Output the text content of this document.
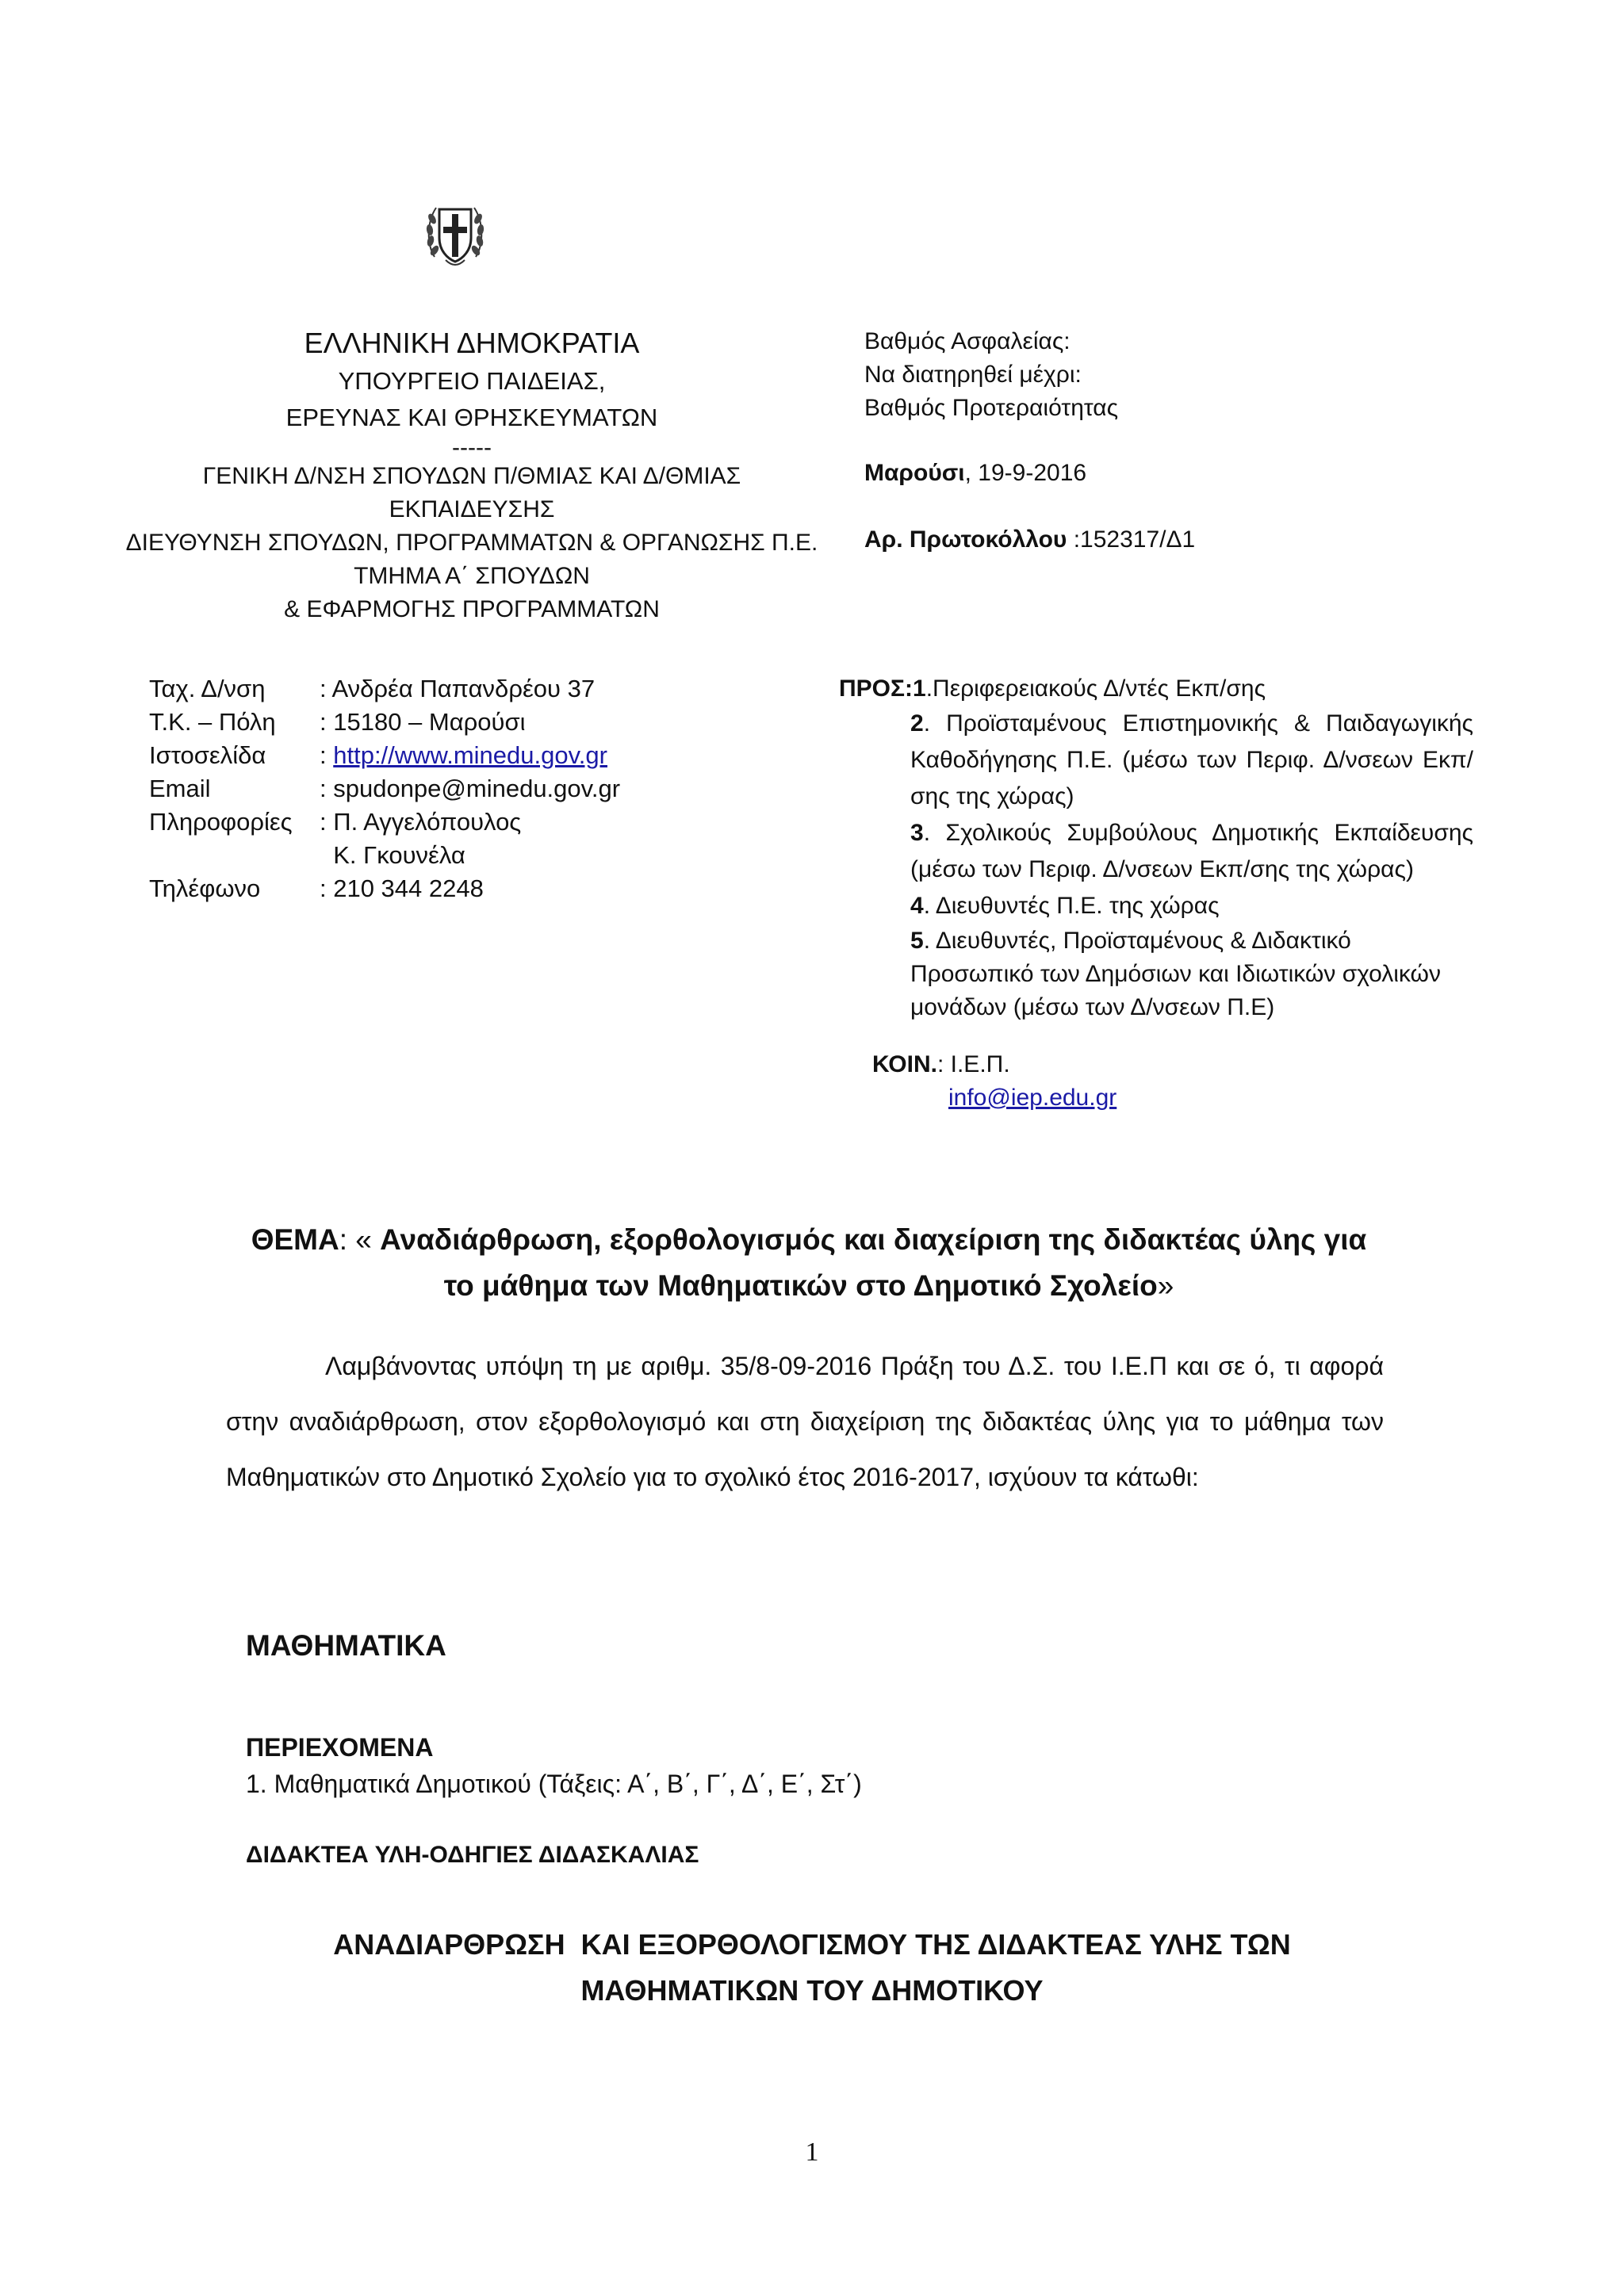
ΕΛΛΗΝΙΚΗ ΔΗΜΟΚΡΑΤΙΑ
ΥΠΟΥΡΓΕΙΟ ΠΑΙΔΕΙΑΣ,
ΕΡΕΥΝΑΣ ΚΑΙ ΘΡΗΣΚΕΥΜΑΤΩΝ
-----
ΓΕΝΙΚΗ Δ/ΝΣΗ ΣΠΟΥΔΩΝ Π/ΘΜΙΑΣ ΚΑΙ Δ/ΘΜΙΑΣ
ΕΚΠΑΙΔΕΥΣΗΣ
ΔΙΕΥΘΥΝΣΗ ΣΠΟΥΔΩΝ, ΠΡΟΓΡΑΜΜΑΤΩΝ & ΟΡΓΑΝΩΣΗΣ Π.Ε.
ΤΜΗΜΑ Α΄ ΣΠΟΥΔΩΝ
& ΕΦΑΡΜΟΓΗΣ ΠΡΟΓΡΑΜΜΑΤΩΝ
Βαθμός Ασφαλείας:
Να διατηρηθεί μέχρι:
Βαθμός Προτεραιότητας
Μαρούσι, 19-9-2016
Αρ. Πρωτοκόλλου :152317/Δ1
Ταχ. Δ/νση	: Ανδρέα Παπανδρέου 37
Τ.Κ. – Πόλη	: 15180 – Μαρούσι
Ιστοσελίδα	: http://www.minedu.gov.gr
Email	: spudonpe@minedu.gov.gr
Πληροφορίες	: Π. Αγγελόπουλος
Κ. Γκουνέλα
Τηλέφωνο	: 210 344 2248

ΠΡΟΣ:1.Περιφερειακούς Δ/ντές Εκπ/σης

2. Προϊσταμένους Επιστημονικής & Παιδαγωγικής Καθοδήγησης Π.Ε. (μέσω των Περιφ. Δ/νσεων Εκπ/σης της χώρας)

3. Σχολικούς Συμβούλους Δημοτικής Εκπαίδευσης (μέσω των Περιφ. Δ/νσεων Εκπ/σης της χώρας)

4. Διευθυντές Π.Ε. της χώρας

5. Διευθυντές, Προϊσταμένους & Διδακτικό Προσωπικό των Δημόσιων και Ιδιωτικών σχολικών μονάδων (μέσω των Δ/νσεων Π.Ε)

ΚΟΙΝ.: Ι.Ε.Π.

info@iep.edu.gr

ΘΕΜΑ: « Αναδιάρθρωση, εξορθολογισμός και διαχείριση της διδακτέας ύλης για
το μάθημα των Μαθηματικών στο Δημοτικό Σχολείο»
Λαμβάνοντας υπόψη τη με αριθμ. 35/8-09-2016 Πράξη του Δ.Σ. του Ι.Ε.Π και σε ό, τι αφορά στην αναδιάρθρωση, στον εξορθολογισμό και στη διαχείριση της διδακτέας ύλης για το μάθημα των Μαθηματικών στο Δημοτικό Σχολείο για το σχολικό έτος 2016-2017, ισχύουν τα κάτωθι:
ΜΑΘΗΜΑΤΙΚΑ
ΠΕΡΙΕΧΟΜΕΝΑ
1. Μαθηματικά Δημοτικού (Τάξεις: Α΄, Β΄, Γ΄, Δ΄, Ε΄, Στ΄)
ΔΙΔΑΚΤΕΑ ΥΛΗ-ΟΔΗΓΙΕΣ ΔΙΔΑΣΚΑΛΙΑΣ
ΑΝΑΔΙΑΡΘΡΩΣΗ  ΚΑΙ ΕΞΟΡΘΟΛΟΓΙΣΜΟΥ ΤΗΣ ΔΙΔΑΚΤΕΑΣ ΥΛΗΣ ΤΩΝ
ΜΑΘΗΜΑΤΙΚΩΝ ΤΟΥ ΔΗΜΟΤΙΚΟΥ
1
